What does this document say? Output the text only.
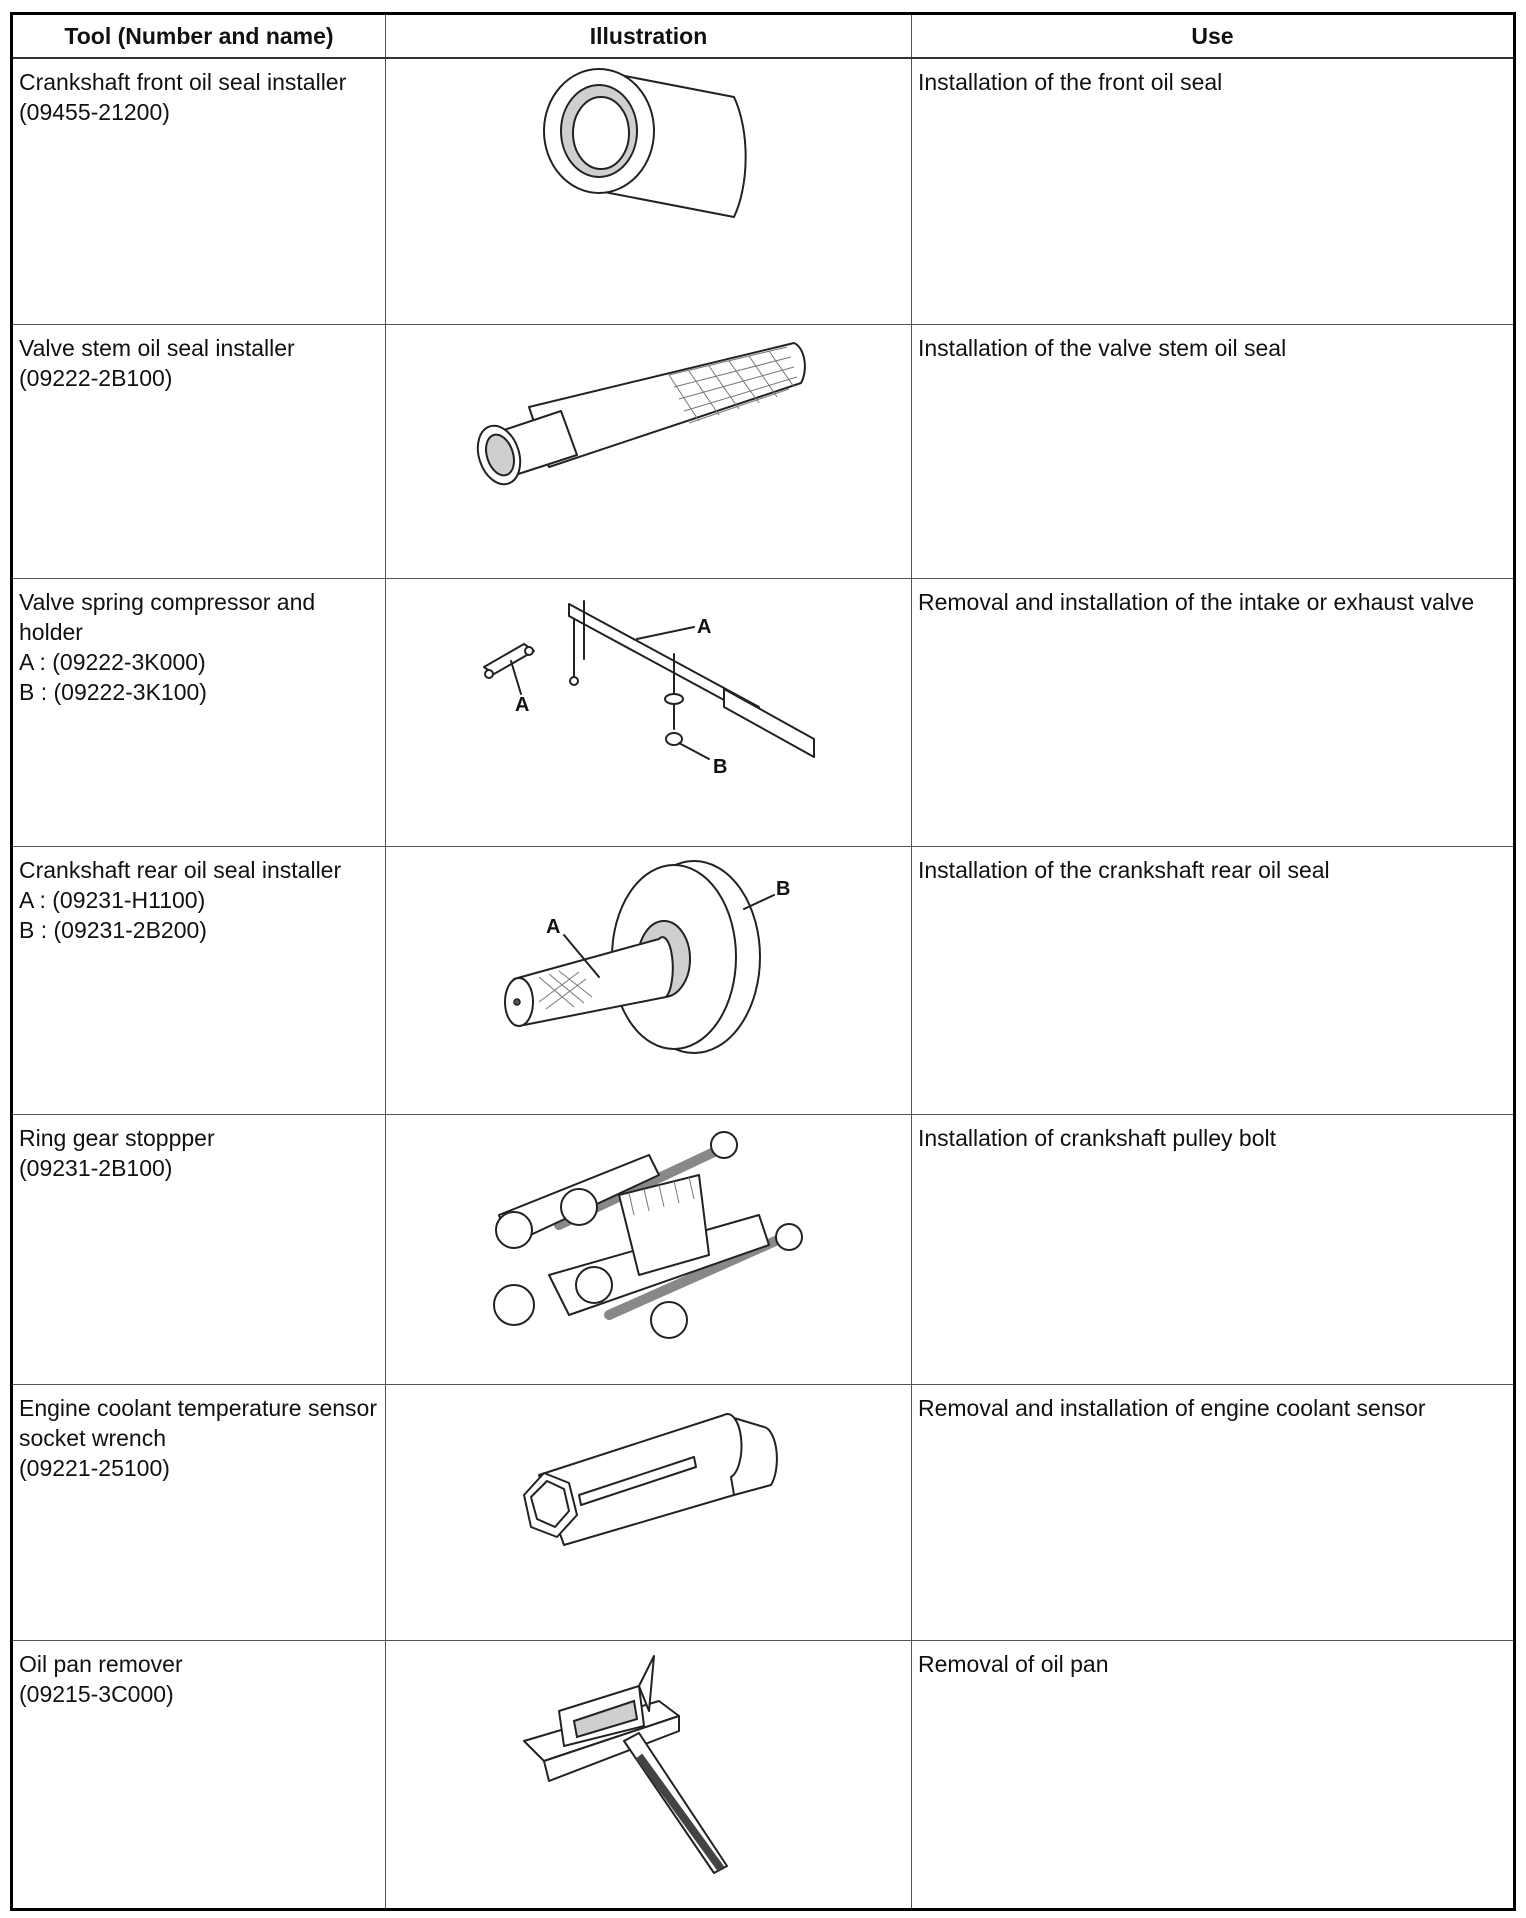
Tool (Number and name)	Illustration	Use

Crankshaft front oil seal installer
(09455-21200)		Installation of the front oil seal

Valve stem oil seal installer
(09222-2B100)		Installation of the valve stem oil seal

Valve spring compressor and holder
A : (09222-3K000)
B : (09222-3K100)	A
A
B	Removal and installation of the intake or exhaust valve

Crankshaft rear oil seal installer
A : (09231-H1100)
B : (09231-2B200)	A
B	Installation of the crankshaft rear oil seal

Ring gear stoppper
(09231-2B100)		Installation of crankshaft pulley bolt

Engine coolant temperature sensor socket wrench
(09221-25100)		Removal and installation of engine coolant sensor

Oil pan remover
(09215-3C000)		Removal of oil pan
